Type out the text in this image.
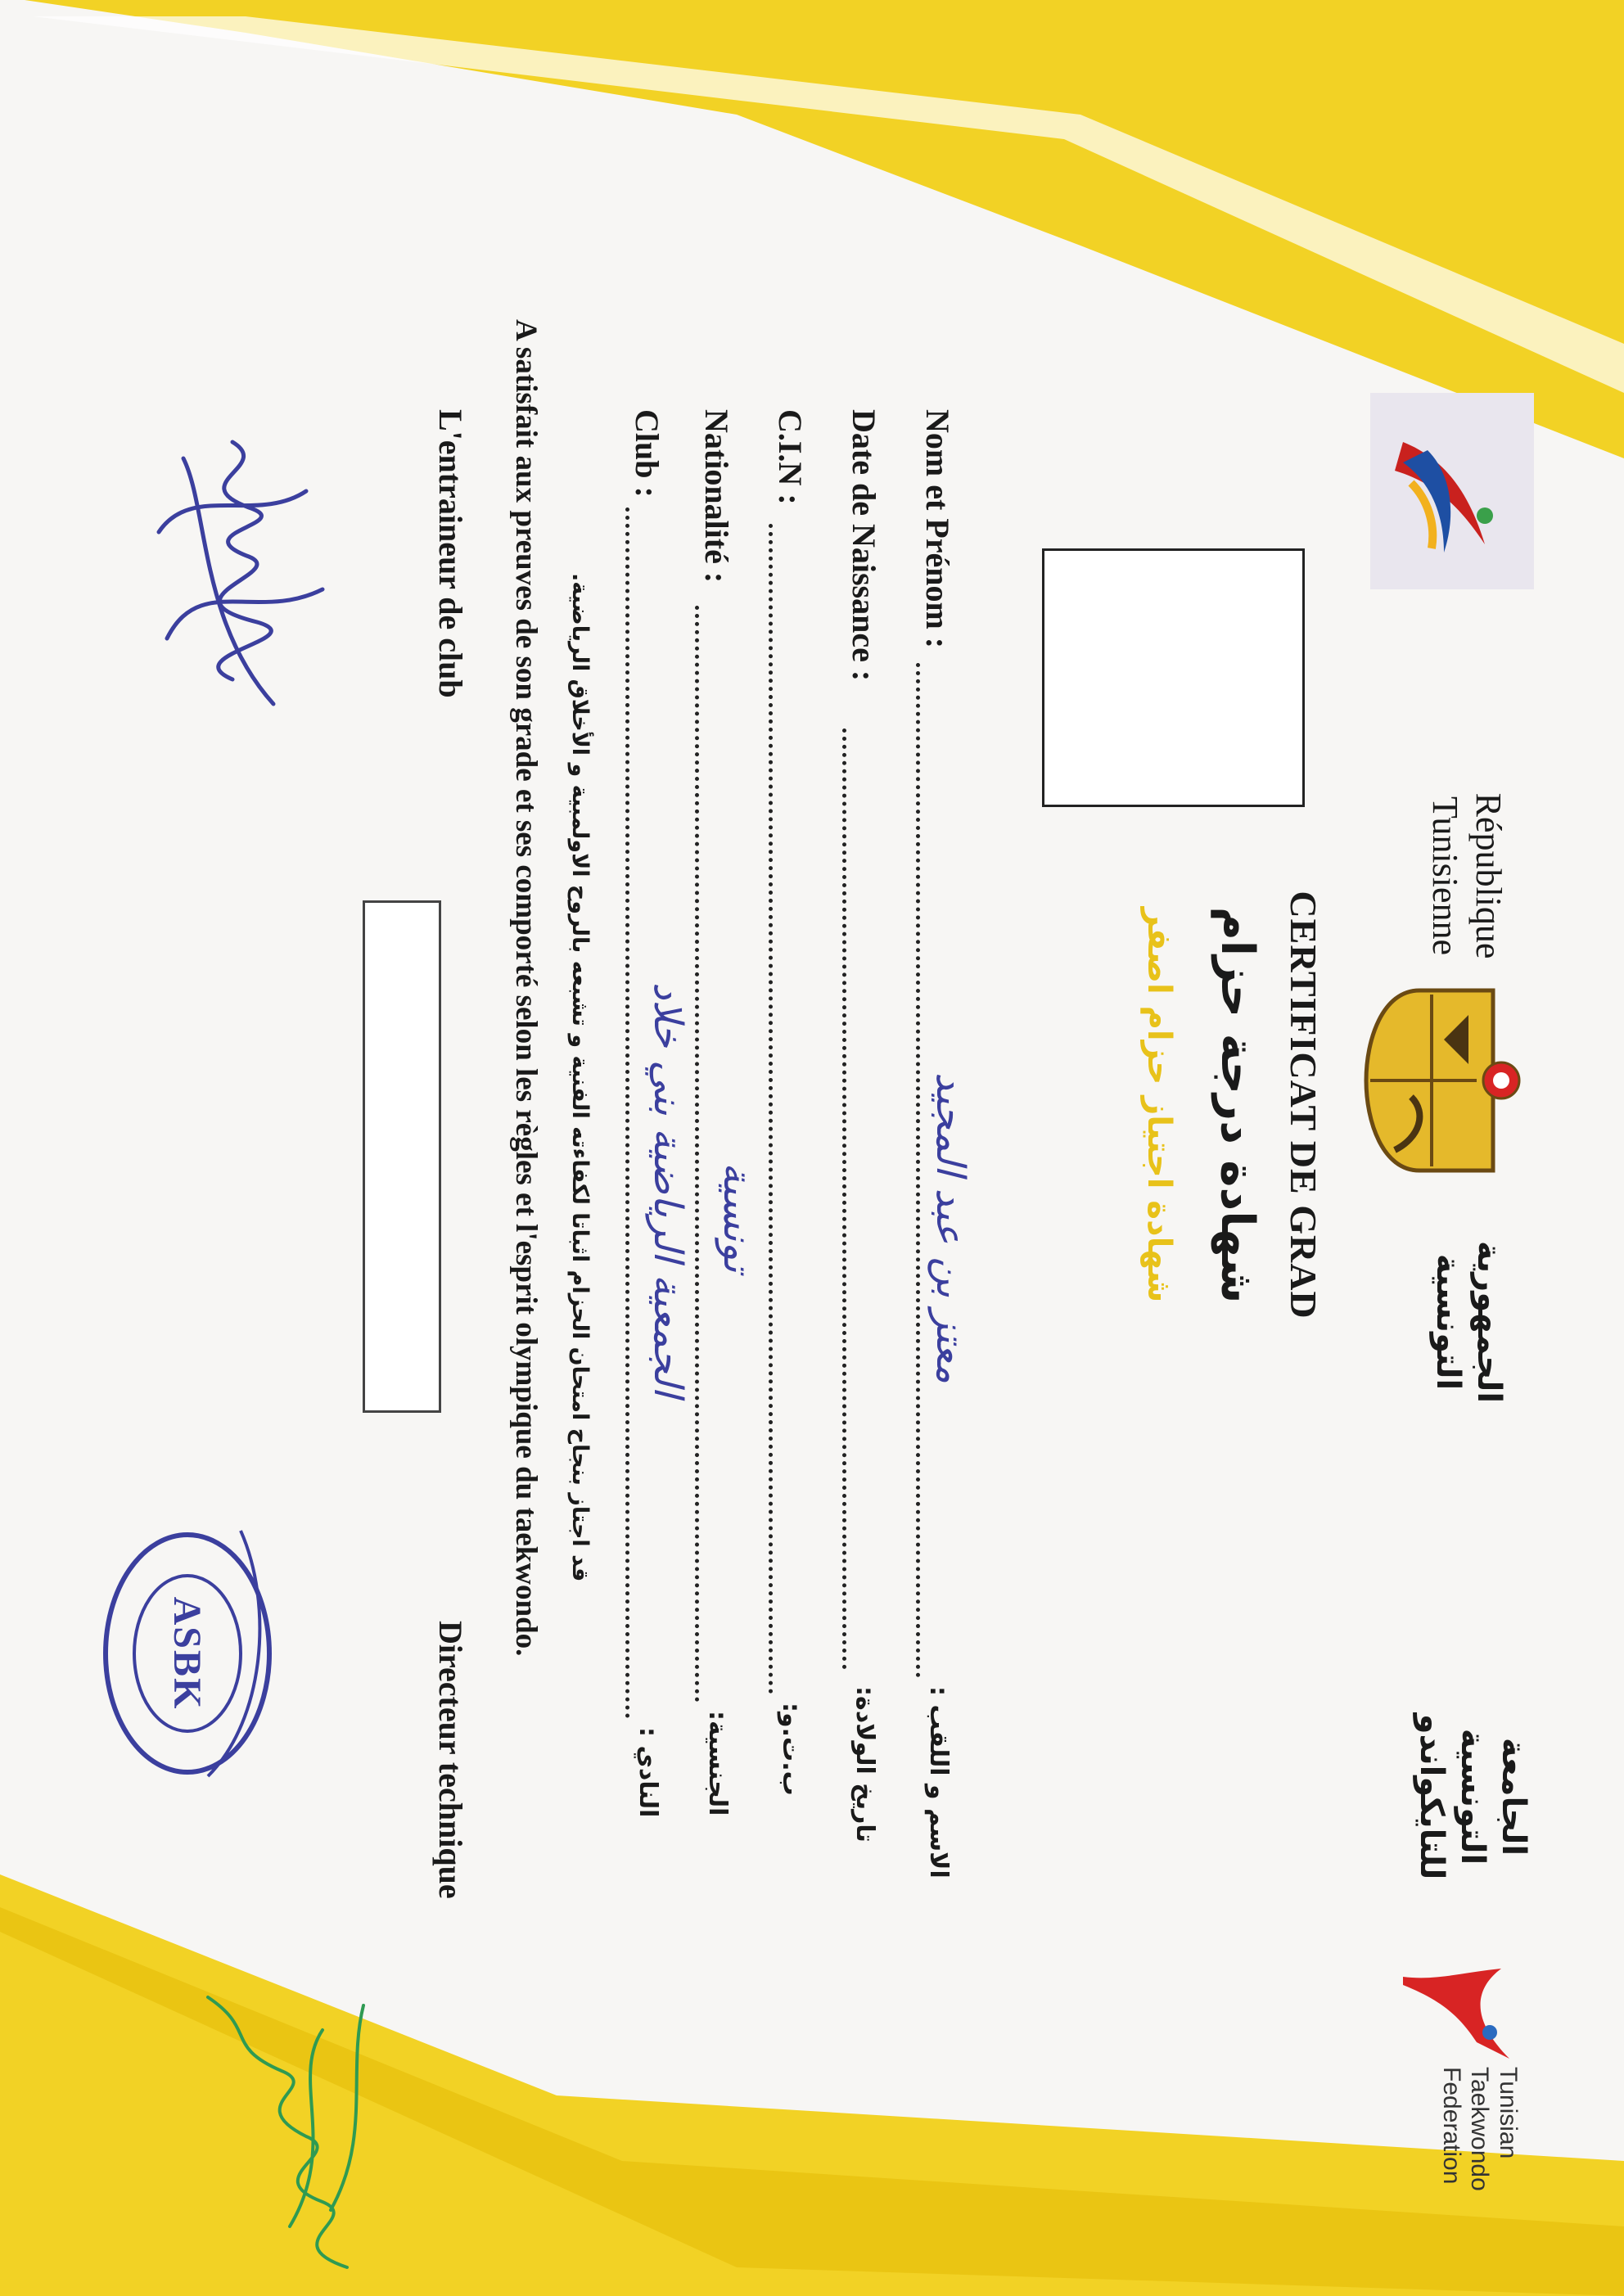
Tunisian
Taekwondo
Federation
الجامعة
التونسية
للتايكواندو
الجمهورية
التونسية
République
Tunisienne
CERTIFICAT DE GRAD
شهادة درجة حزام
شهادة اجتياز حزام اصفر
Nom et Prénom :
الاسم و اللقب :
معتز بن عبد المجيد
Date de Naissance :
تاريخ الولادة:
C.I.N :
ب.ت.و:
Nationalité :
الجنسية:
تونسية
Club :
النادي :
الجمعية الرياضية بني خلاد
قد اجتاز بنجاح امتحان الحزام اثباتا لكفاءته الفنية و تشبعه بالروح الاولمبية و الأخلاق الرياضية.
A satisfait aux preuves de son grade et ses comporté selon les règles et l'esprit olympique du taekwondo.
Directeur technique
L'entraineur de club
ASBK
